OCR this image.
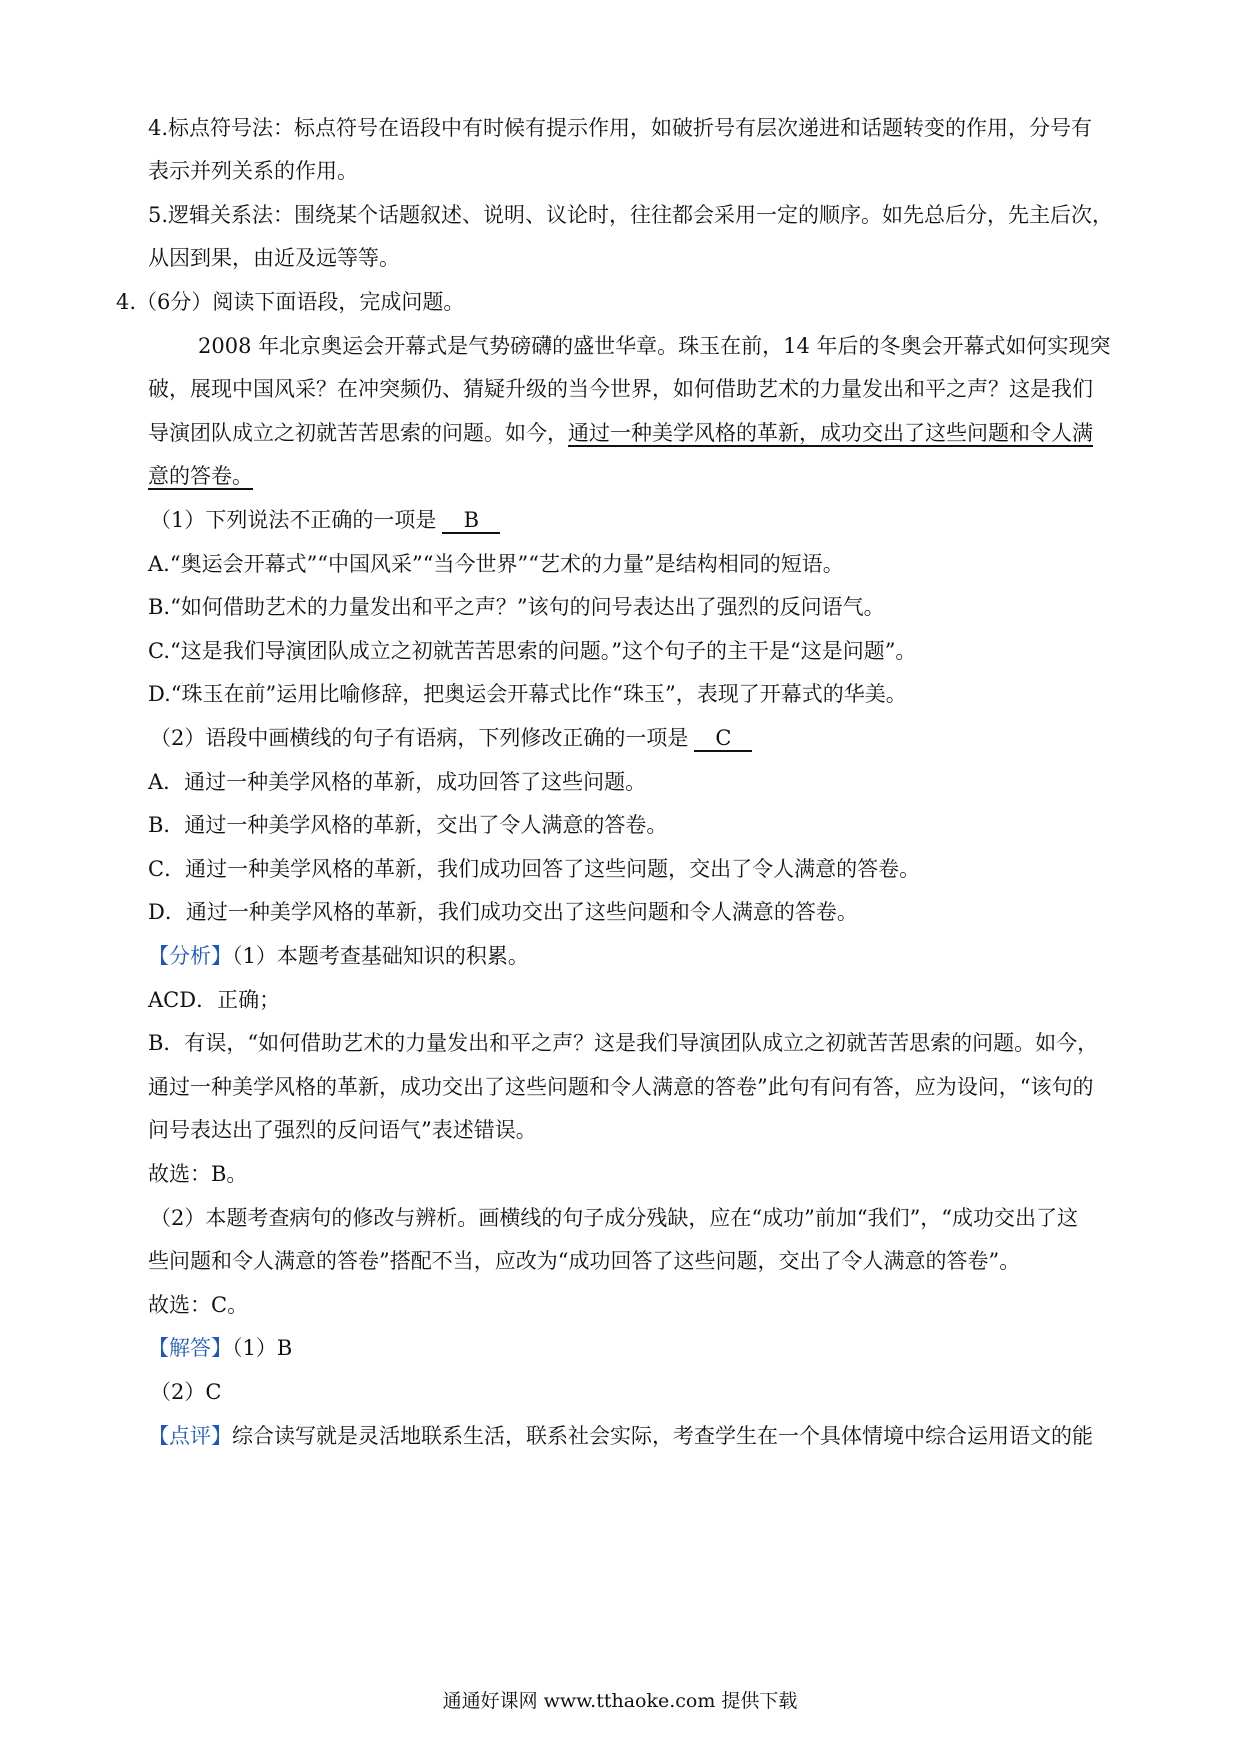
4.标点符号法：标点符号在语段中有时候有提示作用，如破折号有层次递进和话题转变的作用，分号有
表示并列关系的作用。
5.逻辑关系法：围绕某个话题叙述、说明、议论时，往往都会采用一定的顺序。如先总后分，先主后次，
从因到果，由近及远等等。
4.（6分）阅读下面语段，完成问题。
2008 年北京奥运会开幕式是气势磅礴的盛世华章。珠玉在前，14 年后的冬奥会开幕式如何实现突
破，展现中国风采？在冲突频仍、猜疑升级的当今世界，如何借助艺术的力量发出和平之声？这是我们
导演团队成立之初就苦苦思索的问题。如今，通过一种美学风格的革新，成功交出了这些问题和令人满
意的答卷。
（1）下列说法不正确的一项是 B
A.“奥运会开幕式”“中国风采”“当今世界”“艺术的力量”是结构相同的短语。
B.“如何借助艺术的力量发出和平之声？”该句的问号表达出了强烈的反问语气。
C.“这是我们导演团队成立之初就苦苦思索的问题。”这个句子的主干是“这是问题”。
D.“珠玉在前”运用比喻修辞，把奥运会开幕式比作“珠玉”，表现了开幕式的华美。
（2）语段中画横线的句子有语病，下列修改正确的一项是 C
A．通过一种美学风格的革新，成功回答了这些问题。
B．通过一种美学风格的革新，交出了令人满意的答卷。
C．通过一种美学风格的革新，我们成功回答了这些问题，交出了令人满意的答卷。
D．通过一种美学风格的革新，我们成功交出了这些问题和令人满意的答卷。
【分析】（1）本题考查基础知识的积累。
ACD．正确；
B．有误，“如何借助艺术的力量发出和平之声？这是我们导演团队成立之初就苦苦思索的问题。如今，
通过一种美学风格的革新，成功交出了这些问题和令人满意的答卷”此句有问有答，应为设问，“该句的
问号表达出了强烈的反问语气”表述错误。
故选：B。
（2）本题考查病句的修改与辨析。画横线的句子成分残缺，应在“成功”前加“我们”，“成功交出了这
些问题和令人满意的答卷”搭配不当，应改为“成功回答了这些问题，交出了令人满意的答卷”。
故选：C。
【解答】（1）B
（2）C
【点评】综合读写就是灵活地联系生活，联系社会实际，考查学生在一个具体情境中综合运用语文的能
通通好课网 www.tthaoke.com 提供下载
